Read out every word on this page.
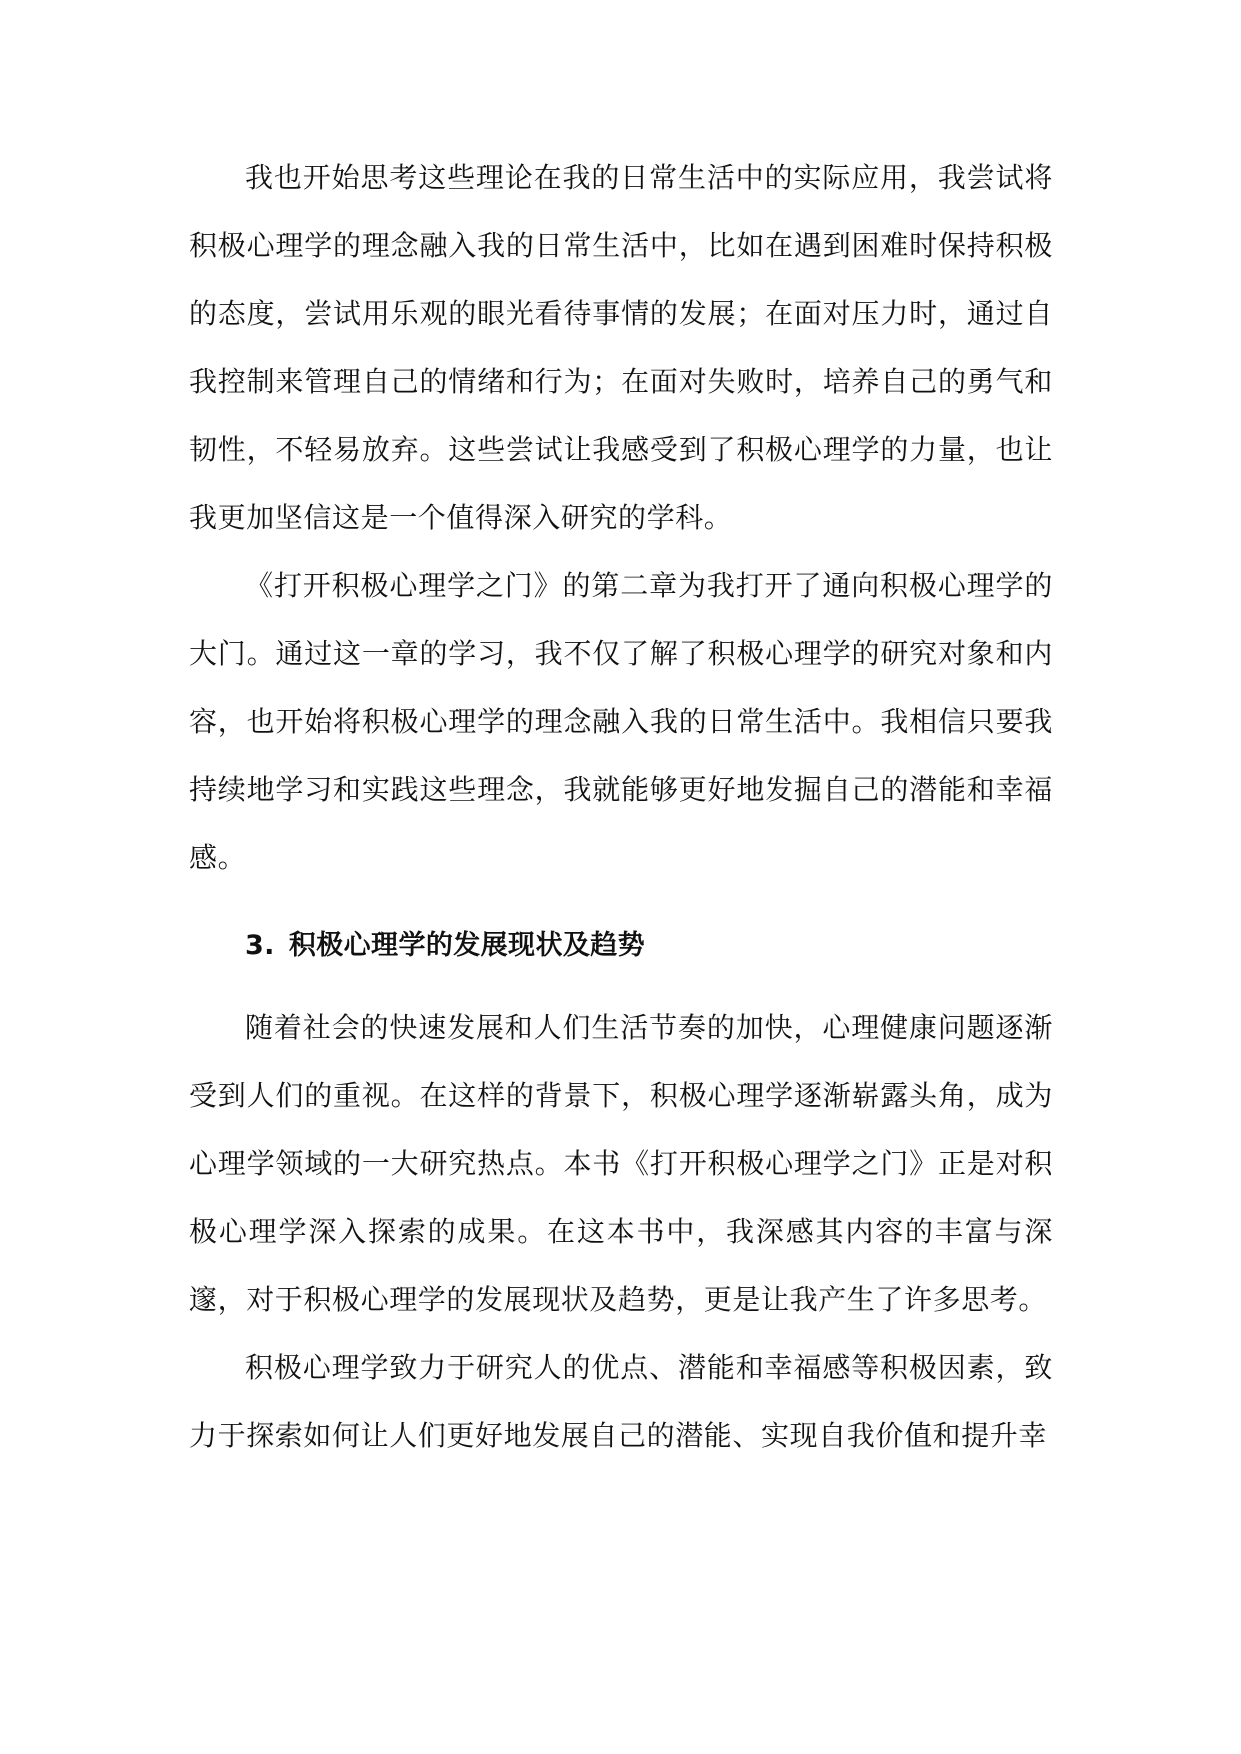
我也开始思考这些理论在我的日常生活中的实际应用，我尝试将积极心理学的理念融入我的日常生活中，比如在遇到困难时保持积极的态度，尝试用乐观的眼光看待事情的发展；在面对压力时，通过自我控制来管理自己的情绪和行为；在面对失败时，培养自己的勇气和韧性，不轻易放弃。这些尝试让我感受到了积极心理学的力量，也让我更加坚信这是一个值得深入研究的学科。

《打开积极心理学之门》的第二章为我打开了通向积极心理学的大门。通过这一章的学习，我不仅了解了积极心理学的研究对象和内容，也开始将积极心理学的理念融入我的日常生活中。我相信只要我持续地学习和实践这些理念，我就能够更好地发掘自己的潜能和幸福感。

3. 积极心理学的发展现状及趋势

随着社会的快速发展和人们生活节奏的加快，心理健康问题逐渐受到人们的重视。在这样的背景下，积极心理学逐渐崭露头角，成为心理学领域的一大研究热点。本书《打开积极心理学之门》正是对积极心理学深入探索的成果。在这本书中，我深感其内容的丰富与深邃，对于积极心理学的发展现状及趋势，更是让我产生了许多思考。

积极心理学致力于研究人的优点、潜能和幸福感等积极因素，致力于探索如何让人们更好地发展自己的潜能、实现自我价值和提升幸
